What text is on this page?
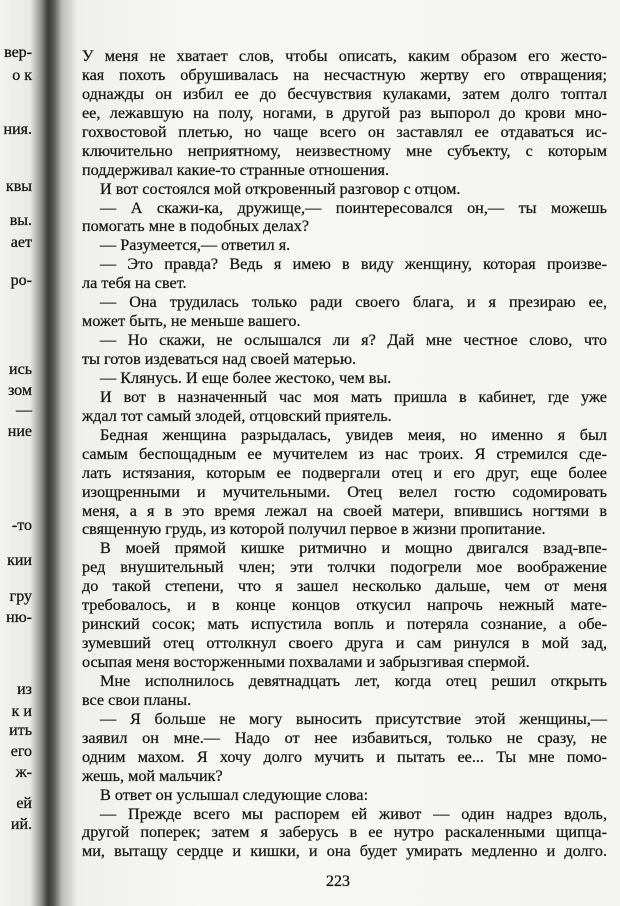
вер-
о к
ния.
квы
вы.
ает
ро-
ись
зом
—
ние
-то
кии
гру
ню-
из
к и
ить
его
ж-
ей
ий.
У меня не хватает слов, чтобы описать, каким образом его жесто-
кая похоть обрушивалась на несчастную жертву его отвращения;
однажды он избил ее до бесчувствия кулаками, затем долго топтал
ее, лежавшую на полу, ногами, в другой раз выпорол до крови мно-
гохвостовой плетью, но чаще всего он заставлял ее отдаваться ис-
ключительно неприятному, неизвестному мне субъекту, с которым
поддерживал какие-то странные отношения.
И вот состоялся мой откровенный разговор с отцом.
— А скажи-ка, дружище,— поинтересовался он,— ты можешь
помогать мне в подобных делах?
— Разумеется,— ответил я.
— Это правда? Ведь я имею в виду женщину, которая произве-
ла тебя на свет.
— Она трудилась только ради своего блага, и я презираю ее,
может быть, не меньше вашего.
— Но скажи, не ослышался ли я? Дай мне честное слово, что
ты готов издеваться над своей матерью.
— Клянусь. И еще более жестоко, чем вы.
И вот в назначенный час моя мать пришла в кабинет, где уже
ждал тот самый злодей, отцовский приятель.
Бедная женщина разрыдалась, увидев меия, но именно я был
самым беспощадным ее мучителем из нас троих. Я стремился сде-
лать истязания, которым ее подвергали отец и его друг, еще более
изощренными и мучительными. Отец велел гостю содомировать
меня, а я в это время лежал на своей матери, впившись ногтями в
священную грудь, из которой получил первое в жизни пропитание.
В моей прямой кишке ритмично и мощно двигался взад-впе-
ред внушительный член; эти толчки подогрели мое воображение
до такой степени, что я зашел несколько дальше, чем от меня
требовалось, и в конце концов откусил напрочь нежный мате-
ринский сосок; мать испустила вопль и потеряла сознание, а обе-
зумевший отец оттолкнул своего друга и сам ринулся в мой зад,
осыпая меня восторженными похвалами и забрызгивая спермой.
Мне исполнилось девятнадцать лет, когда отец решил открыть
все свои планы.
— Я больше не могу выносить присутствие этой женщины,—
заявил он мне.— Надо от нее избавиться, только не сразу, не
одним махом. Я хочу долго мучить и пытать ее... Ты мне помо-
жешь, мой мальчик?
В ответ он услышал следующие слова:
— Прежде всего мы распорем ей живот — один надрез вдоль,
другой поперек; затем я заберусь в ее нутро раскаленными щипца-
ми, вытащу сердце и кишки, и она будет умирать медленно и долго.
223
